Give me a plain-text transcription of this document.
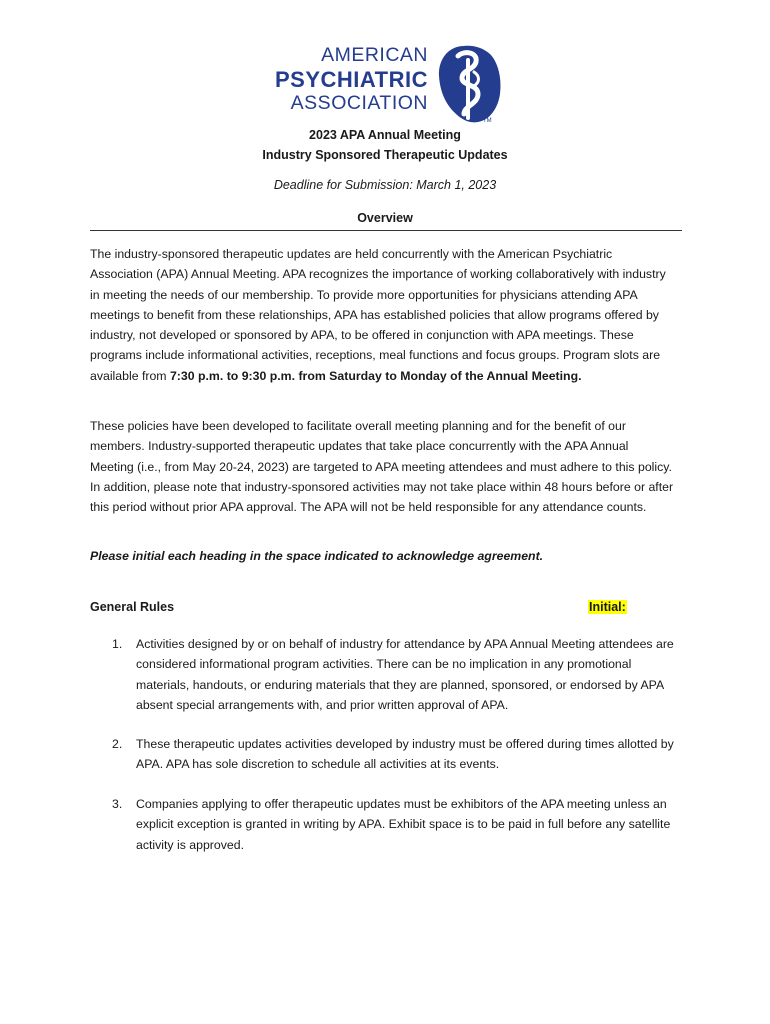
AMERICAN
PSYCHIATRIC
ASSOCIATION
TM
2023 APA Annual Meeting
Industry Sponsored Therapeutic Updates
Deadline for Submission: March 1, 2023
Overview
The industry-sponsored therapeutic updates are held concurrently with the American Psychiatric Association (APA) Annual Meeting. APA recognizes the importance of working collaboratively with industry in meeting the needs of our membership. To provide more opportunities for physicians attending APA meetings to benefit from these relationships, APA has established policies that allow programs offered by industry, not developed or sponsored by APA, to be offered in conjunction with APA meetings. These programs include informational activities, receptions, meal functions and focus groups. Program slots are available from 7:30 p.m. to 9:30 p.m. from Saturday to Monday of the Annual Meeting.
These policies have been developed to facilitate overall meeting planning and for the benefit of our members. Industry-supported therapeutic updates that take place concurrently with the APA Annual Meeting (i.e., from May 20-24, 2023) are targeted to APA meeting attendees and must adhere to this policy. In addition, please note that industry-sponsored activities may not take place within 48 hours before or after this period without prior APA approval. The APA will not be held responsible for any attendance counts.
Please initial each heading in the space indicated to acknowledge agreement.
General Rules	Initial:
1.	Activities designed by or on behalf of industry for attendance by APA Annual Meeting attendees are considered informational program activities. There can be no implication in any promotional materials, handouts, or enduring materials that they are planned, sponsored, or endorsed by APA absent special arrangements with, and prior written approval of APA.
2.	These therapeutic updates activities developed by industry must be offered during times allotted by APA. APA has sole discretion to schedule all activities at its events.
3.	Companies applying to offer therapeutic updates must be exhibitors of the APA meeting unless an explicit exception is granted in writing by APA. Exhibit space is to be paid in full before any satellite activity is approved.
